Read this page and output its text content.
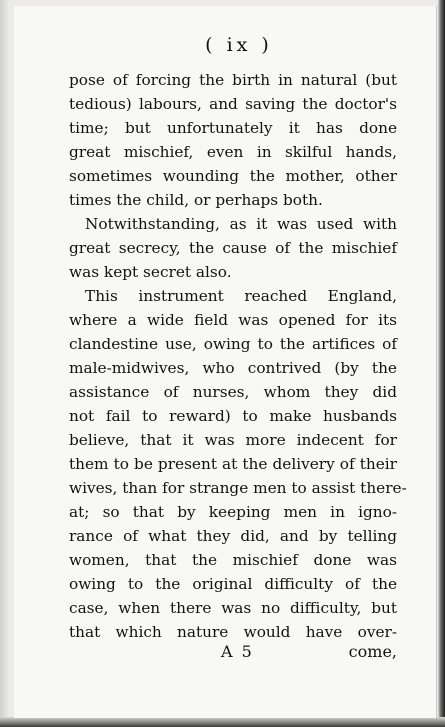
( ix )
pose of forcing the birth in natural (but
tedious) labours, and saving the doctor's
time; but unfortunately it has done
great mischief, even in skilful hands,
sometimes wounding the mother, other
times the child, or perhaps both.
Notwithstanding, as it was used with
great secrecy, the cause of the mischief
was kept secret also.
This instrument reached England,
where a wide field was opened for its
clandestine use, owing to the artifices of
male-midwives, who contrived (by the
assistance of nurses, whom they did
not fail to reward) to make husbands
believe, that it was more indecent for
them to be present at the delivery of their
wives, than for strange men to assist there-
at; so that by keeping men in igno-
rance of what they did, and by telling
women, that the mischief done was
owing to the original difficulty of the
case, when there was no difficulty, but
that which nature would have over-
A 5	come,
